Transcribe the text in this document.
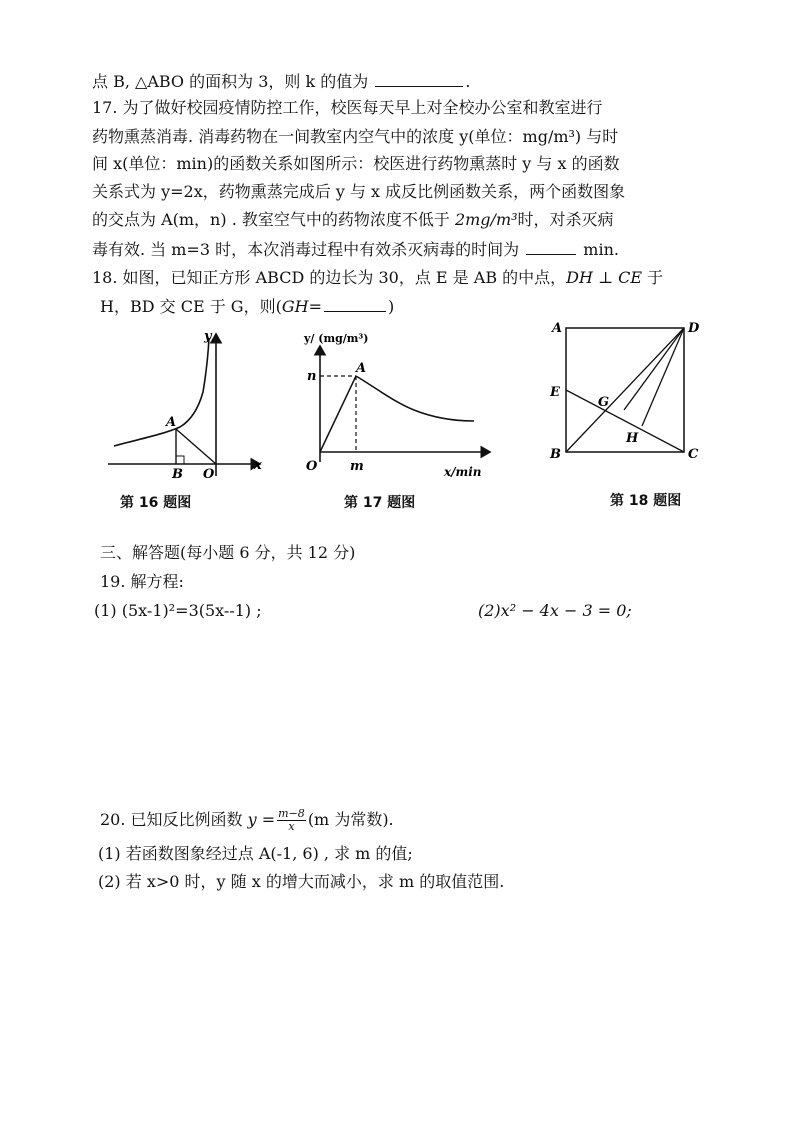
点 B, △ABO 的面积为 3，则 k 的值为	.
17. 为了做好校园疫情防控工作，校医每天早上对全校办公室和教室进行
药物熏蒸消毒. 消毒药物在一间教室内空气中的浓度 y(单位：mg/m³) 与时
间 x(单位：min)的函数关系如图所示：校医进行药物熏蒸时 y 与 x 的函数
关系式为 y=2x，药物熏蒸完成后 y 与 x 成反比例函数关系，两个函数图象
的交点为 A(m，n) . 教室空气中的药物浓度不低于 2mg/m³时，对杀灭病
毒有效. 当 m=3 时，本次消毒过程中有效杀灭病毒的时间为	min.
18. 如图，已知正方形 ABCD 的边长为 30，点 E 是 AB 的中点，DH ⊥ CE 于
H，BD 交 CE 于 G，则(GH=	)
y
x
A
B O
第 16 题图
y/ (mg/m³)
x/min
n
A
O	m
第 17 题图
A	D
E
G
H
B	C
第 18 题图
三、解答题(每小题 6 分，共 12 分)
19. 解方程:
(1) (5x-1)²=3(5x--1) ;	(2)x² − 4x − 3 = 0;
20. 已知反比例函数 $y = \frac{m-8}{x} (m$ 为常数).
(1) 若函数图象经过点 A(-1, 6) , 求 m 的值;
(2) 若 x>0 时，y 随 x 的增大而减小，求 m 的取值范围.
